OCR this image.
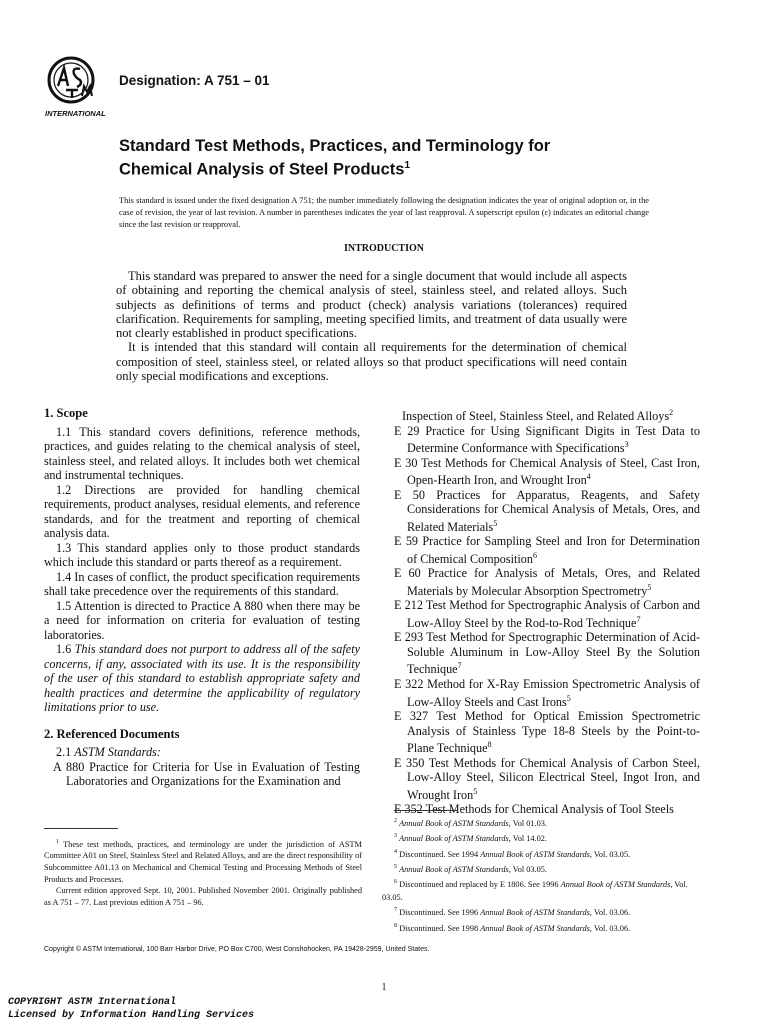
INTERNATIONAL
Designation: A 751 – 01
Standard Test Methods, Practices, and Terminology for
Chemical Analysis of Steel Products$^1$
This standard is issued under the fixed designation A 751; the number immediately following the designation indicates the year of original adoption or, in the case of revision, the year of last revision. A number in parentheses indicates the year of last reapproval. A superscript epsilon (ε) indicates an editorial change since the last revision or reapproval.
INTRODUCTION

This standard was prepared to answer the need for a single document that would include all aspects of obtaining and reporting the chemical analysis of steel, stainless steel, and related alloys. Such subjects as definitions of terms and product (check) analysis variations (tolerances) required clarification. Requirements for sampling, meeting specified limits, and treatment of data usually were not clearly established in product specifications.

It is intended that this standard will contain all requirements for the determination of chemical composition of steel, stainless steel, or related alloys so that product specifications will need contain only special modifications and exceptions.

1. Scope

1.1 This standard covers definitions, reference methods, practices, and guides relating to the chemical analysis of steel, stainless steel, and related alloys. It includes both wet chemical and instrumental techniques.

1.2 Directions are provided for handling chemical requirements, product analyses, residual elements, and reference standards, and for the treatment and reporting of chemical analysis data.

1.3 This standard applies only to those product standards which include this standard or parts thereof as a requirement.

1.4 In cases of conflict, the product specification requirements shall take precedence over the requirements of this standard.

1.5 Attention is directed to Practice A 880 when there may be a need for information on criteria for evaluation of testing laboratories.

1.6 This standard does not purport to address all of the safety concerns, if any, associated with its use. It is the responsibility of the user of this standard to establish appropriate safety and health practices and determine the applicability of regulatory limitations prior to use.

2. Referenced Documents

2.1 ASTM Standards:

A 880 Practice for Criteria for Use in Evaluation of Testing Laboratories and Organizations for the Examination and

Inspection of Steel, Stainless Steel, and Related Alloys$^2$

E 29 Practice for Using Significant Digits in Test Data to Determine Conformance with Specifications$^3$

E 30 Test Methods for Chemical Analysis of Steel, Cast Iron, Open-Hearth Iron, and Wrought Iron$^4$

E 50 Practices for Apparatus, Reagents, and Safety Considerations for Chemical Analysis of Metals, Ores, and Related Materials$^5$

E 59 Practice for Sampling Steel and Iron for Determination of Chemical Composition$^6$

E 60 Practice for Analysis of Metals, Ores, and Related Materials by Molecular Absorption Spectrometry$^5$

E 212 Test Method for Spectrographic Analysis of Carbon and Low-Alloy Steel by the Rod-to-Rod Technique$^7$

E 293 Test Method for Spectrographic Determination of Acid-Soluble Aluminum in Low-Alloy Steel By the Solution Technique$^7$

E 322 Method for X-Ray Emission Spectrometric Analysis of Low-Alloy Steels and Cast Irons$^5$

E 327 Test Method for Optical Emission Spectrometric Analysis of Stainless Type 18-8 Steels by the Point-to-Plane Technique$^8$

E 350 Test Methods for Chemical Analysis of Carbon Steel, Low-Alloy Steel, Silicon Electrical Steel, Ingot Iron, and Wrought Iron$^5$

E 352 Test Methods for Chemical Analysis of Tool Steels

$^1$ These test methods, practices, and terminology are under the jurisdiction of ASTM Committee A01 on Steel, Stainless Steel and Related Alloys, and are the direct responsibility of Subcommittee A01.13 on Mechanical and Chemical Testing and Processing Methods of Steel Products and Processes.

Current edition approved Sept. 10, 2001. Published November 2001. Originally published as A 751 – 77. Last previous edition A 751 – 96.

$^2$ Annual Book of ASTM Standards, Vol 01.03.

$^3$ Annual Book of ASTM Standards, Vol 14.02.

$^4$ Discontinued. See 1994 Annual Book of ASTM Standards, Vol. 03.05.

$^5$ Annual Book of ASTM Standards, Vol 03.05.

$^6$ Discontinued and replaced by E 1806. See 1996 Annual Book of ASTM Standards, Vol. 03.05.

$^7$ Discontinued. See 1996 Annual Book of ASTM Standards, Vol. 03.06.

$^8$ Discontinued. See 1998 Annual Book of ASTM Standards, Vol. 03.06.

Copyright © ASTM International, 100 Barr Harbor Drive, PO Box C700, West Conshohocken, PA 19428-2959, United States.
1
COPYRIGHT ASTM International
Licensed by Information Handling Services
